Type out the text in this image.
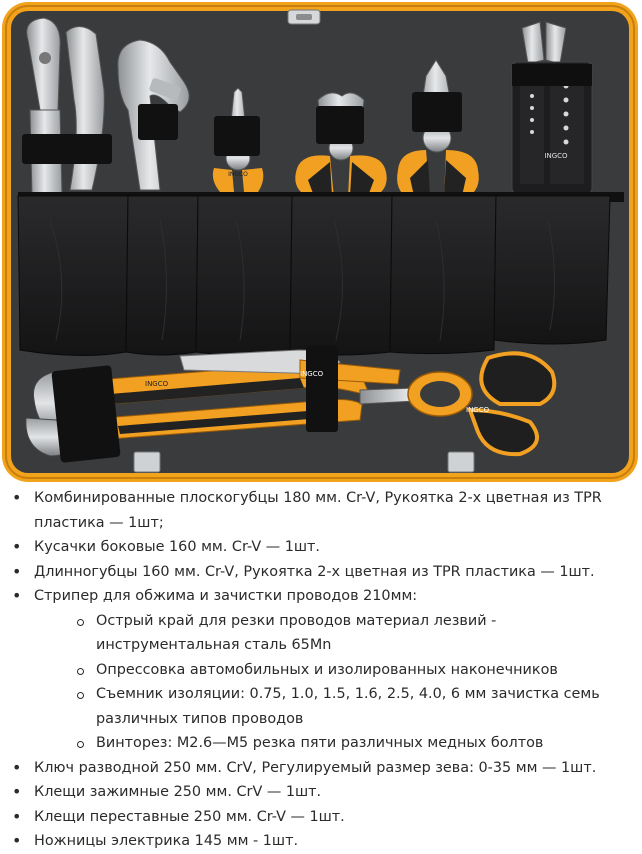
INGCO
INGCO
INGCO
INGCO
INGCO
• Комбинированные плоскогубцы 180 мм. Cr-V, Рукоятка 2-х цветная из TPR пластика — 1шт;
• Кусачки боковые 160 мм. Cr-V — 1шт.
• Длинногубцы 160 мм. Cr-V, Рукоятка 2-х цветная из TPR пластика — 1шт.
• Стрипер для обжима и зачистки проводов 210мм:
Острый край для резки проводов материал лезвий - инструментальная сталь 65Mn
Опрессовка автомобильных и изолированных наконечников
Съемник изоляции: 0.75, 1.0, 1.5, 1.6, 2.5, 4.0, 6 мм зачистка семь различных типов проводов
Винторез: M2.6—M5 резка пяти различных медных болтов
• Ключ разводной 250 мм. CrV, Регулируемый размер зева: 0-35 мм — 1шт.
• Клещи зажимные 250 мм. CrV — 1шт.
• Клещи переставные 250 мм. Cr-V — 1шт.
• Ножницы электрика 145 мм - 1шт.
